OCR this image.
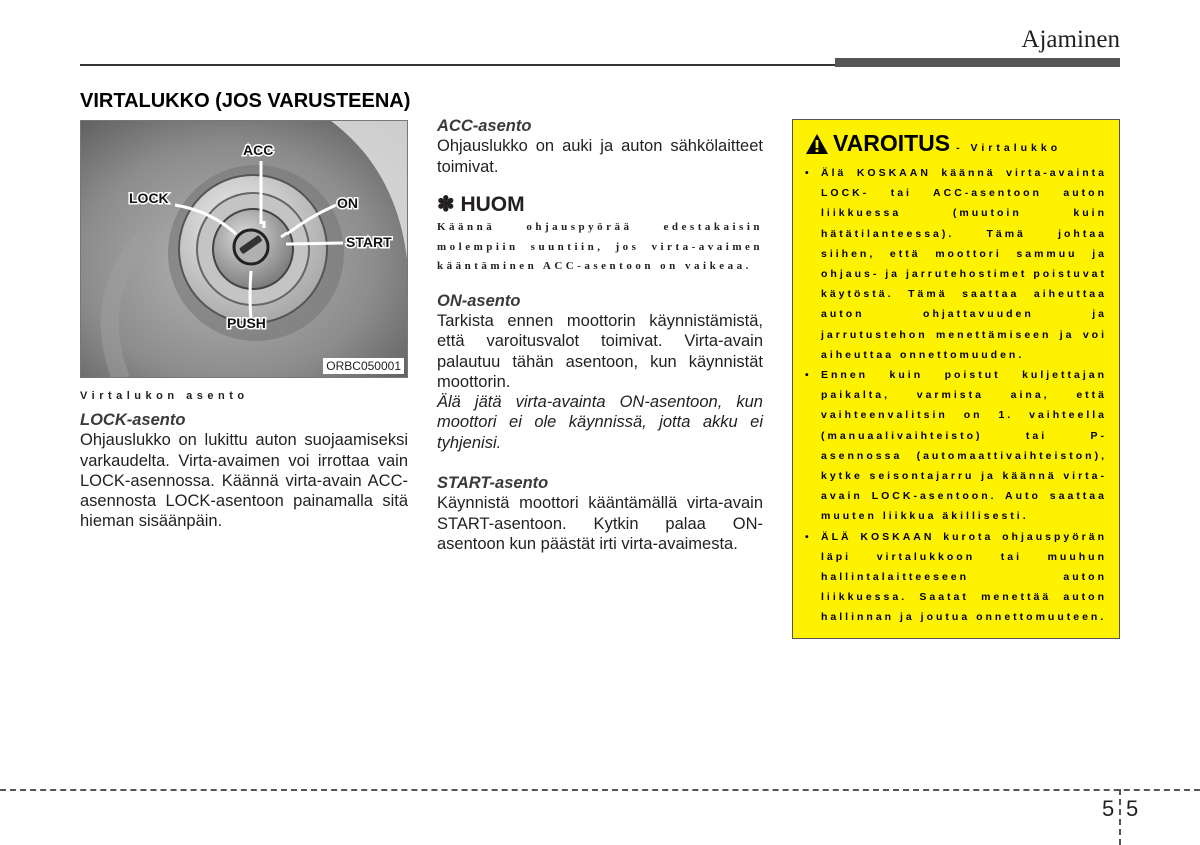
Ajaminen
VIRTALUKKO (JOS VARUSTEENA)
ACC
LOCK	ON
START
PUSH
ORBC050001
Virtalukon asento

LOCK-asento

Ohjauslukko on lukittu auton suojaamiseksi varkaudelta. Virta-avaimen voi irrottaa vain LOCK-asennossa. Käännä virta-avain ACC-asennosta LOCK-asentoon painamalla sitä hieman sisäänpäin.

ACC-asento

Ohjauslukko on auki ja auton sähkölaitteet toimivat.

✽ HUOM

Käännä ohjauspyörää edestakaisin molempiin suuntiin, jos virta-avaimen kääntäminen ACC-asentoon on vaikeaa.

ON-asento

Tarkista ennen moottorin käynnistämistä, että varoitusvalot toimivat. Virta-avain palautuu tähän asentoon, kun käynnistät moottorin.

Älä jätä virta-avainta ON-asentoon, kun moottori ei ole käynnissä, jotta akku ei tyhjenisi.

START-asento

Käynnistä moottori kääntämällä virta-avain START-asentoon. Kytkin palaa ON-asentoon kun päästät irti virta-avaimesta.

VAROITUS - Virtalukko
• Älä KOSKAAN käännä virta-avainta LOCK- tai ACC-asentoon auton liikkuessa (muutoin kuin hätätilanteessa). Tämä johtaa siihen, että moottori sammuu ja ohjaus- ja jarrutehostimet poistuvat käytöstä. Tämä saattaa aiheuttaa auton ohjattavuuden ja jarrutustehon menettämiseen ja voi aiheuttaa onnettomuuden.
• Ennen kuin poistut kuljettajan paikalta, varmista aina, että vaihteenvalitsin on 1. vaihteella (manuaalivaihteisto) tai P-asennossa (automaattivaihteiston), kytke seisontajarru ja käännä virta-avain LOCK-asentoon. Auto saattaa muuten liikkua äkillisesti.
• ÄLÄ KOSKAAN kurota ohjauspyörän läpi virtalukkoon tai muuhun hallintalaitteeseen auton liikkuessa. Saatat menettää auton hallinnan ja joutua onnettomuuteen.
5 5
